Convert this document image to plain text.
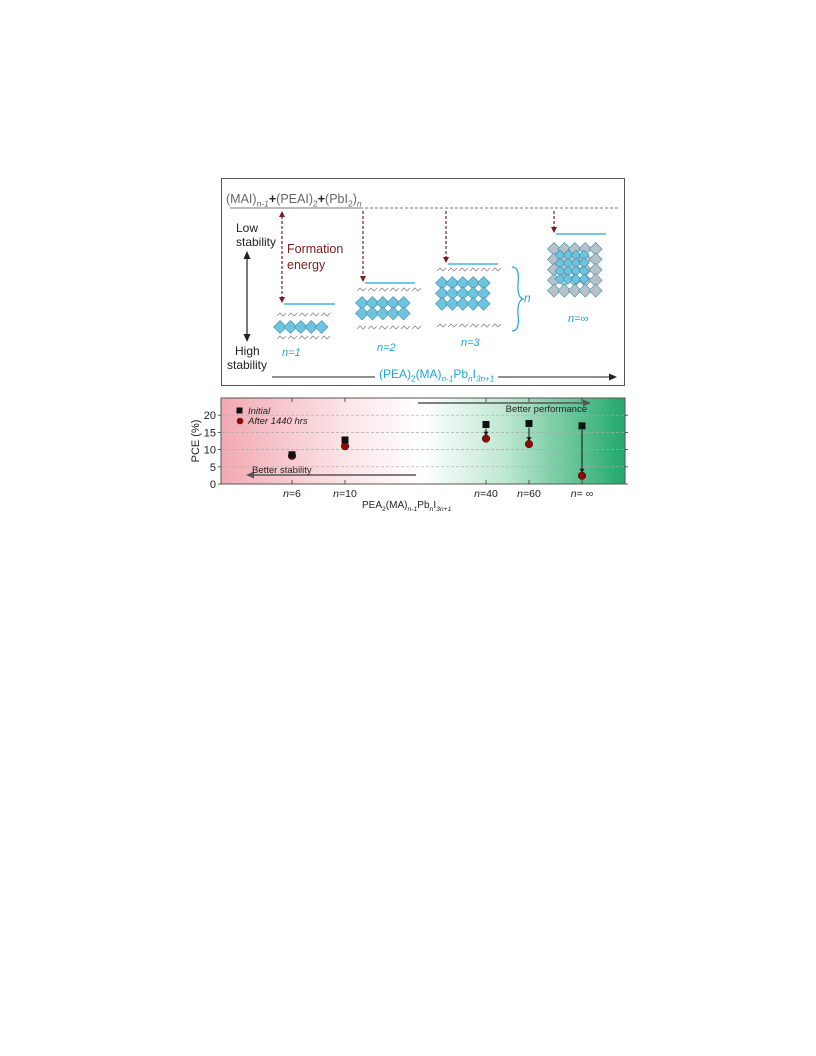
$(MAI)_{n-1}+(PEAI)_2+(PbI_2)_n$
Low
stability
High
stability
Formation
energy
n=1	n=2	n=3
n=∞
n
$(PEA)_2(MA)_{n-1}Pb_nI_{3n+1}$
0
5
10
15
20
n=6	n=10	n=40 n=60	n= ∞
Better stability
Better performance
Initial
After 1440 hrs
PCE (%)
$PEA_2(MA)_{n-1}Pb_nI_{3n+1}$
